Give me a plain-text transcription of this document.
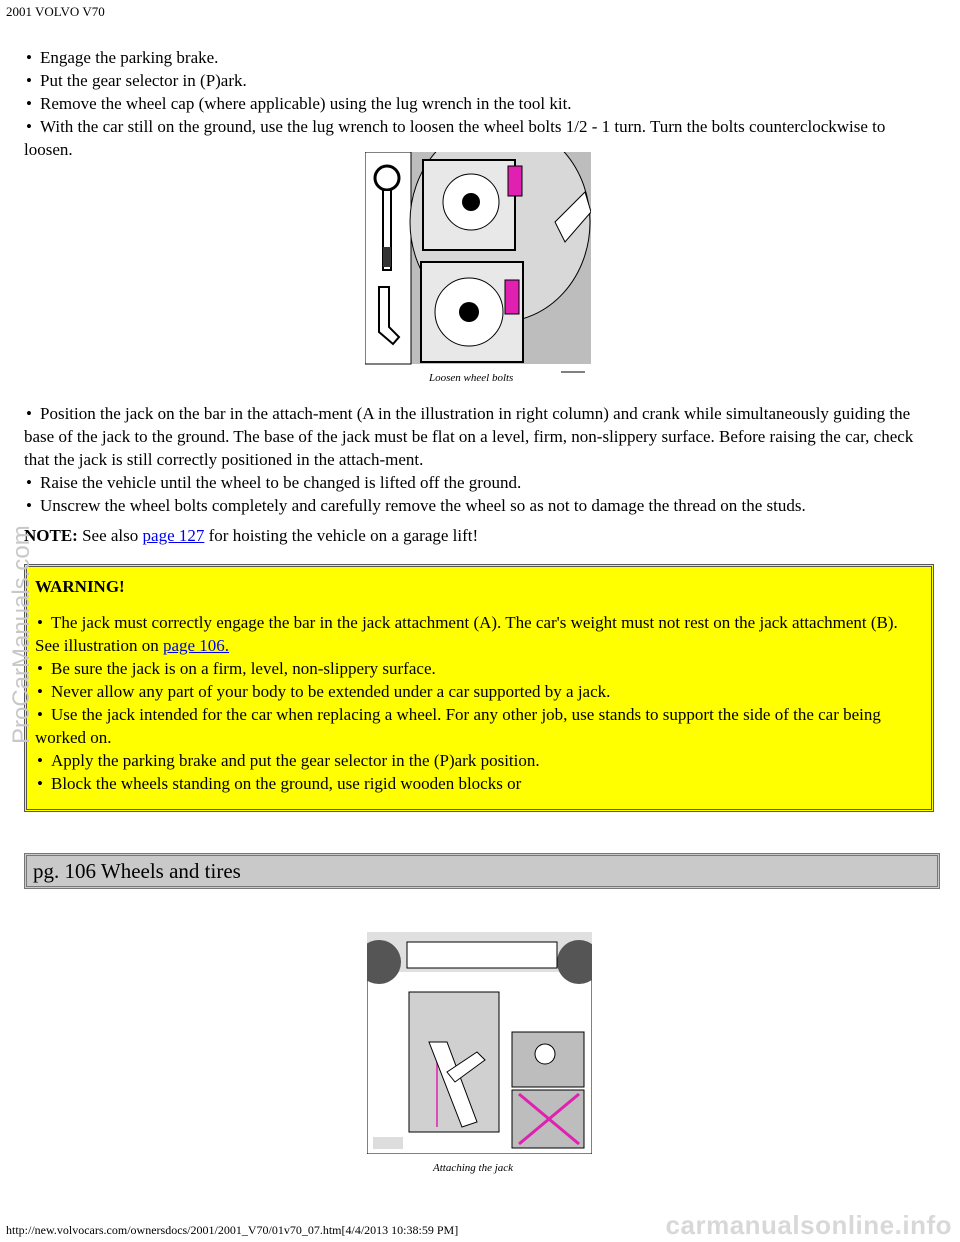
2001 VOLVO V70
• Engage the parking brake.
• Put the gear selector in (P)ark.
• Remove the wheel cap (where applicable) using the lug wrench in the tool kit.
• With the car still on the ground, use the lug wrench to loosen the wheel bolts 1/2 - 1 turn. Turn the bolts counterclockwise to loosen.
Loosen wheel bolts
• Position the jack on the bar in the attach-ment (A in the illustration in right column) and crank while simultaneously guiding the base of the jack to the ground. The base of the jack must be flat on a level, firm, non-slippery surface. Before raising the car, check that the jack is still correctly positioned in the attach-ment.
• Raise the vehicle until the wheel to be changed is lifted off the ground.
• Unscrew the wheel bolts completely and carefully remove the wheel so as not to damage the thread on the studs.
NOTE: See also page 127 for hoisting the vehicle on a garage lift!
WARNING!
• The jack must correctly engage the bar in the jack attachment (A). The car's weight must not rest on the jack attachment (B). See illustration on page 106.
• Be sure the jack is on a firm, level, non-slippery surface.
• Never allow any part of your body to be extended under a car supported by a jack.
• Use the jack intended for the car when replacing a wheel. For any other job, use stands to support the side of the car being worked on.
• Apply the parking brake and put the gear selector in the (P)ark position.
• Block the wheels standing on the ground, use rigid wooden blocks or
pg. 106 Wheels and tires
Attaching the jack
ProCarManuals.com
carmanualsonline.info
http://new.volvocars.com/ownersdocs/2001/2001_V70/01v70_07.htm[4/4/2013 10:38:59 PM]
